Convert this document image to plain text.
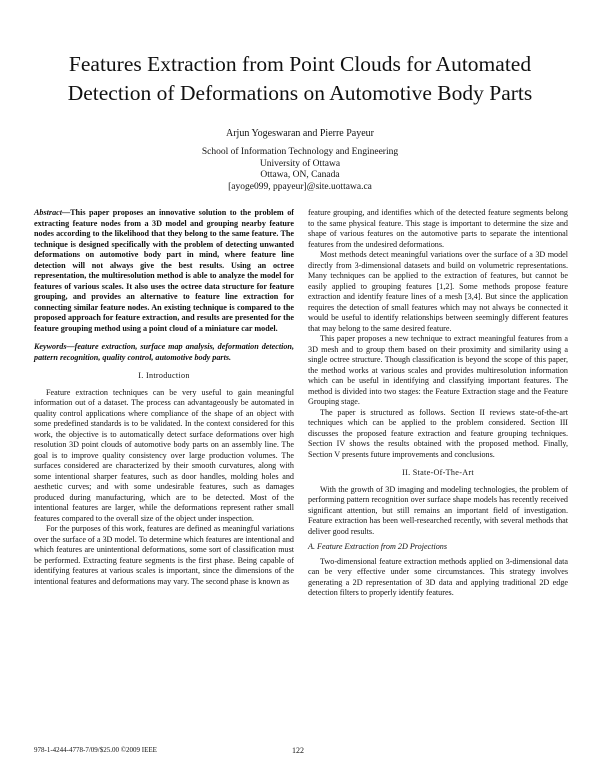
Features Extraction from Point Clouds for Automated
Detection of Deformations on Automotive Body Parts
Arjun Yogeswaran and Pierre Payeur
School of Information Technology and Engineering
University of Ottawa
Ottawa, ON, Canada
[ayoge099, ppayeur]@site.uottawa.ca
Abstract—This paper proposes an innovative solution to the problem of extracting feature nodes from a 3D model and grouping nearby feature nodes according to the likelihood that they belong to the same feature. The technique is designed specifically with the problem of detecting unwanted deformations on automotive body part in mind, where feature line detection will not always give the best results. Using an octree representation, the multiresolution method is able to analyze the model for features of various scales. It also uses the octree data structure for feature grouping, and provides an alternative to feature line extraction for connecting similar feature nodes. An existing technique is compared to the proposed approach for feature extraction, and results are presented for the feature grouping method using a point cloud of a miniature car model.
Keywords—feature extraction, surface map analysis, deformation detection, pattern recognition, quality control, automotive body parts.
I. Introduction

Feature extraction techniques can be very useful to gain meaningful information out of a dataset. The process can advantageously be automated in quality control applications where compliance of the shape of an object with some predefined standards is to be validated. In the context considered for this work, the objective is to automatically detect surface deformations over high resolution 3D point clouds of automotive body parts on an assembly line. The goal is to improve quality consistency over large production volumes. The surfaces considered are characterized by their smooth curvatures, along with some intentional sharper features, such as door handles, molding holes and aesthetic curves; and with some undesirable features, such as damages produced during manufacturing, which are to be detected. Most of the intentional features are larger, while the deformations represent rather small features compared to the overall size of the object under inspection.

For the purposes of this work, features are defined as meaningful variations over the surface of a 3D model. To determine which features are intentional and which features are unintentional deformations, some sort of classification must be performed. Extracting feature segments is the first phase. Being capable of identifying features at various scales is important, since the dimensions of the intentional features and deformations may vary. The second phase is known as

feature grouping, and identifies which of the detected feature segments belong to the same physical feature. This stage is important to determine the size and shape of various features on the automotive parts to separate the intentional features from the undesired deformations.

Most methods detect meaningful variations over the surface of a 3D model directly from 3-dimensional datasets and build on volumetric representations. Many techniques can be applied to the extraction of features, but cannot be easily applied to grouping features [1,2]. Some methods propose feature extraction and identify feature lines of a mesh [3,4]. But since the application requires the detection of small features which may not always be connected it would be useful to identify relationships between seemingly different features that may belong to the same desired feature.

This paper proposes a new technique to extract meaningful features from a 3D mesh and to group them based on their proximity and similarity using a single octree structure. Though classification is beyond the scope of this paper, the method works at various scales and provides multiresolution information which can be useful in identifying and classifying important features. The method is divided into two stages: the Feature Extraction stage and the Feature Grouping stage.

The paper is structured as follows. Section II reviews state-of-the-art techniques which can be applied to the problem considered. Section III discusses the proposed feature extraction and feature grouping techniques. Section IV shows the results obtained with the proposed method. Finally, Section V presents future improvements and conclusions.

II. State-Of-The-Art

With the growth of 3D imaging and modeling technologies, the problem of performing pattern recognition over surface shape models has recently received significant attention, but still remains an important field of investigation. Feature extraction has been well-researched recently, with several methods that deliver good results.

A. Feature Extraction from 2D Projections

Two-dimensional feature extraction methods applied on 3-dimensional data can be very effective under some circumstances. This strategy involves generating a 2D representation of 3D data and applying traditional 2D edge detection filters to properly identify features.

978-1-4244-4778-7/09/$25.00 ©2009 IEEE	122
